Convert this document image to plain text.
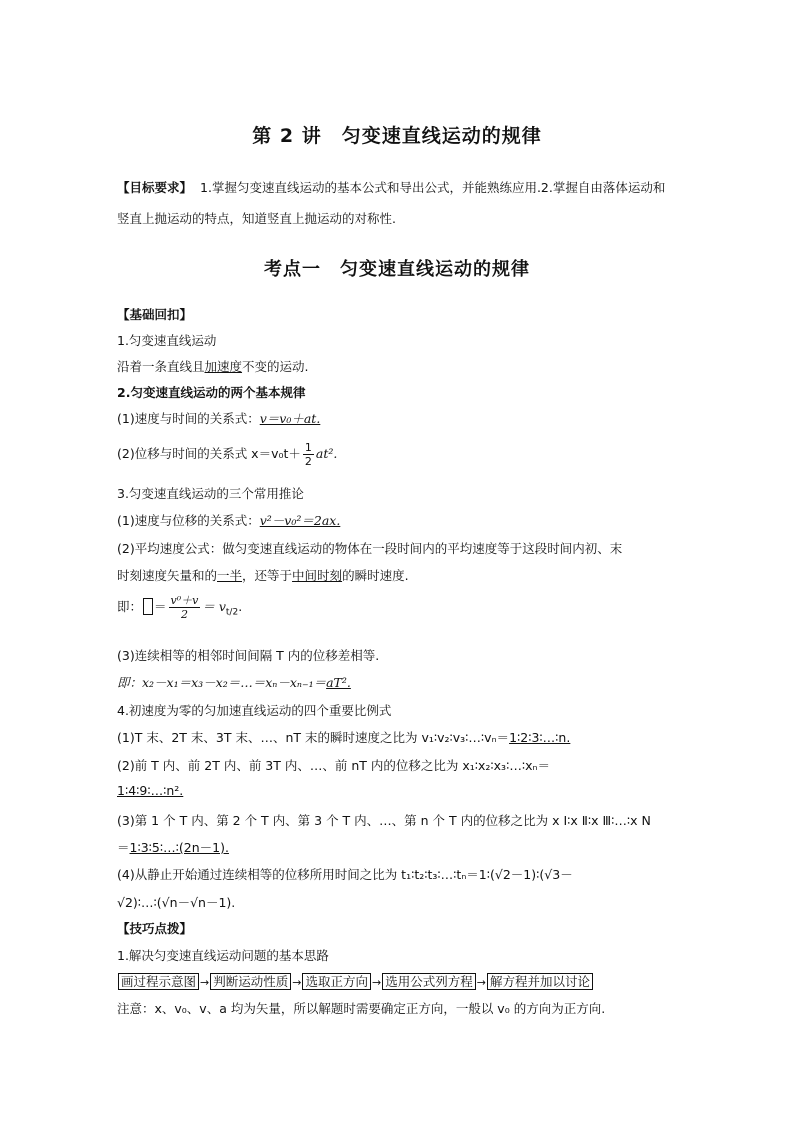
第 2 讲　匀变速直线运动的规律
【目标要求】 1.掌握匀变速直线运动的基本公式和导出公式，并能熟练应用.2.掌握自由落体运动和竖直上抛运动的特点，知道竖直上抛运动的对称性.
考点一　匀变速直线运动的规律
【基础回扣】
1.匀变速直线运动
沿着一条直线且加速度不变的运动.
2.匀变速直线运动的两个基本规律
(1)速度与时间的关系式：v＝v₀＋at.
(2)位移与时间的关系式 $x=v_0t+ \frac{1}{2} at^2$.
3.匀变速直线运动的三个常用推论
(1)速度与位移的关系式：v²－v₀²＝2ax.
(2)平均速度公式：做匀变速直线运动的物体在一段时间内的平均速度等于这段时间内初、末
时刻速度矢量和的一半，还等于中间时刻的瞬时速度.
即： ＝ $\frac{\text{v⁰＋v}}{2} = v_{t/2}$.
(3)连续相等的相邻时间间隔 T 内的位移差相等.
即：x₂－x₁＝x₃－x₂＝…＝xₙ－xₙ₋₁＝aT².
4.初速度为零的匀加速直线运动的四个重要比例式
(1)T 末、2T 末、3T 末、…、nT 末的瞬时速度之比为 v₁∶v₂∶v₃∶…∶vₙ＝1∶2∶3∶…∶n.
(2)前 T 内、前 2T 内、前 3T 内、…、前 nT 内的位移之比为 x₁∶x₂∶x₃∶…∶xₙ＝
1∶4∶9∶…∶n².
(3)第 1 个 T 内、第 2 个 T 内、第 3 个 T 内、…、第 n 个 T 内的位移之比为 x Ⅰ∶x Ⅱ∶x Ⅲ∶…∶x N
＝1∶3∶5∶…∶(2n－1).
(4)从静止开始通过连续相等的位移所用时间之比为 t₁∶t₂∶t₃∶…∶tₙ＝1∶(√2－1)∶(√3－
√2)∶…∶(√n－√n－1).
【技巧点拨】
1.解决匀变速直线运动问题的基本思路
画过程示意图 → 判断运动性质 → 选取正方向 → 选用公式列方程 → 解方程并加以讨论
注意：x、v₀、v、a 均为矢量，所以解题时需要确定正方向，一般以 v₀ 的方向为正方向.
